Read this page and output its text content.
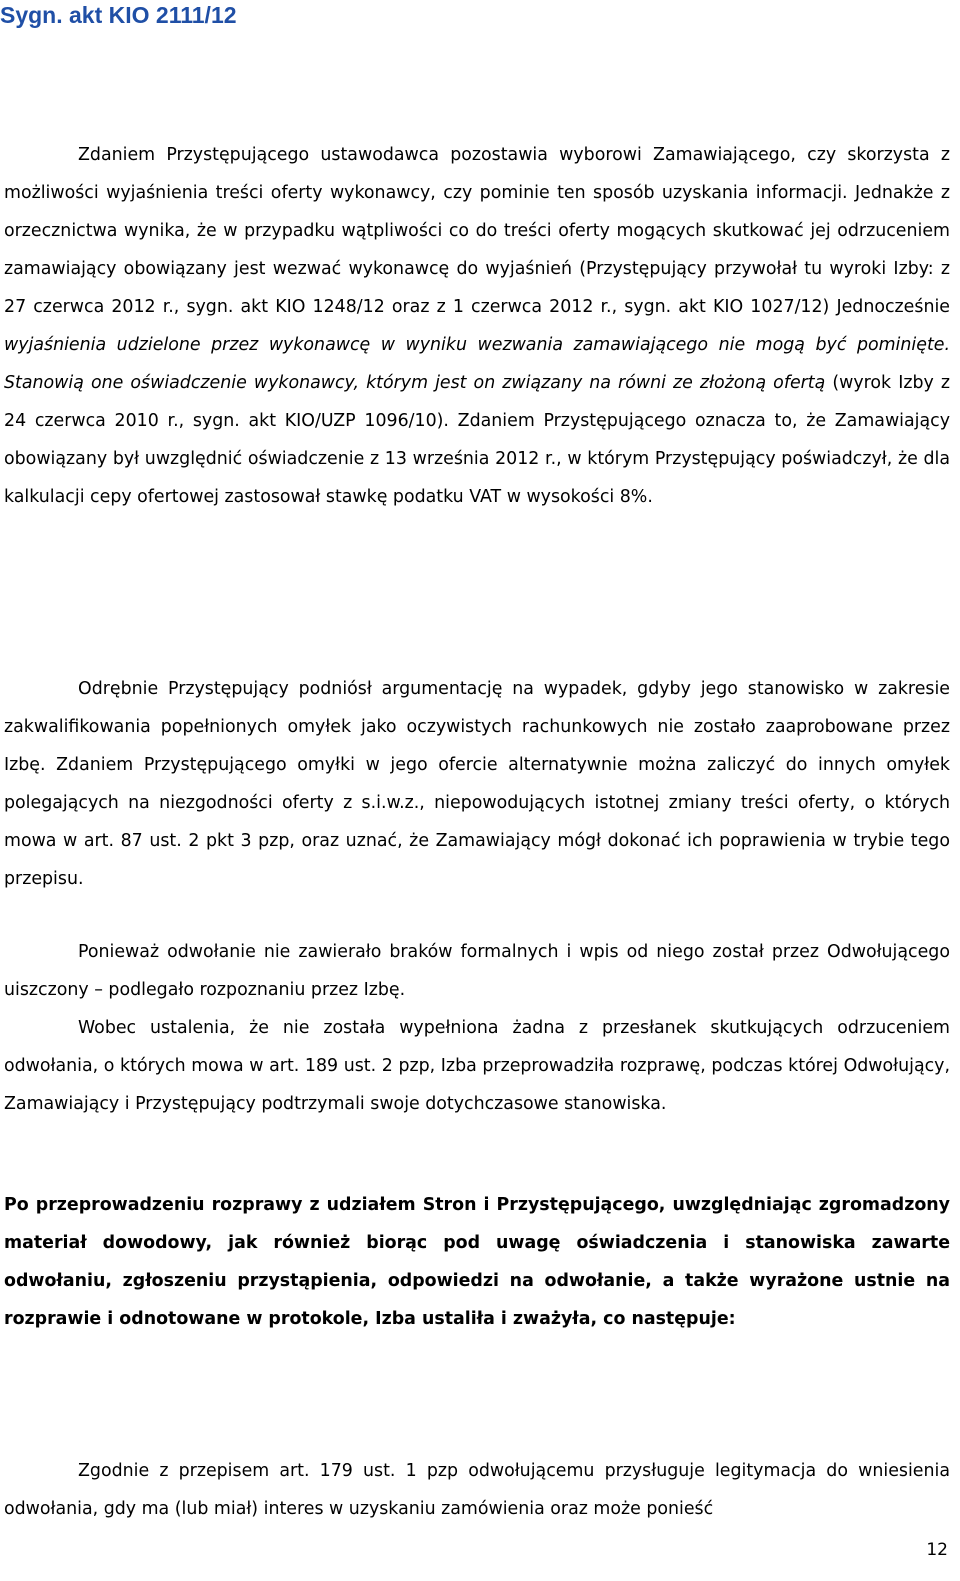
Sygn. akt KIO 2111/12

Zdaniem Przystępującego ustawodawca pozostawia wyborowi Zamawiającego, czy skorzysta z możliwości wyjaśnienia treści oferty wykonawcy, czy pominie ten sposób uzyskania informacji. Jednakże z orzecznictwa wynika, że w przypadku wątpliwości co do treści oferty mogących skutkować jej odrzuceniem zamawiający obowiązany jest wezwać wykonawcę do wyjaśnień (Przystępujący przywołał tu wyroki Izby: z 27 czerwca 2012 r., sygn. akt KIO 1248/12 oraz z 1 czerwca 2012 r., sygn. akt KIO 1027/12) Jednocześnie wyjaśnienia udzielone przez wykonawcę w wyniku wezwania zamawiającego nie mogą być pominięte. Stanowią one oświadczenie wykonawcy, którym jest on związany na równi ze złożoną ofertą (wyrok Izby z 24 czerwca 2010 r., sygn. akt KIO/UZP 1096/10). Zdaniem Przystępującego oznacza to, że Zamawiający obowiązany był uwzględnić oświadczenie z 13 września 2012 r., w którym Przystępujący poświadczył, że dla kalkulacji cepy ofertowej zastosował stawkę podatku VAT w wysokości 8%.

Odrębnie Przystępujący podniósł argumentację na wypadek, gdyby jego stanowisko w zakresie zakwalifikowania popełnionych omyłek jako oczywistych rachunkowych nie zostało zaaprobowane przez Izbę. Zdaniem Przystępującego omyłki w jego ofercie alternatywnie można zaliczyć do innych omyłek polegających na niezgodności oferty z s.i.w.z., niepowodujących istotnej zmiany treści oferty, o których mowa w art. 87 ust. 2 pkt 3 pzp, oraz uznać, że Zamawiający mógł dokonać ich poprawienia w trybie tego przepisu.

Ponieważ odwołanie nie zawierało braków formalnych i wpis od niego został przez Odwołującego uiszczony – podlegało rozpoznaniu przez Izbę.

Wobec ustalenia, że nie została wypełniona żadna z przesłanek skutkujących odrzuceniem odwołania, o których mowa w art. 189 ust. 2 pzp, Izba przeprowadziła rozprawę, podczas której Odwołujący, Zamawiający i Przystępujący podtrzymali swoje dotychczasowe stanowiska.

Po przeprowadzeniu rozprawy z udziałem Stron i Przystępującego, uwzględniając zgromadzony materiał dowodowy, jak również biorąc pod uwagę oświadczenia i stanowiska zawarte odwołaniu, zgłoszeniu przystąpienia, odpowiedzi na odwołanie, a także wyrażone ustnie na rozprawie i odnotowane w protokole, Izba ustaliła i zważyła, co następuje:

Zgodnie z przepisem art. 179 ust. 1 pzp odwołującemu przysługuje legitymacja do wniesienia odwołania, gdy ma (lub miał) interes w uzyskaniu zamówienia oraz może ponieść

12
